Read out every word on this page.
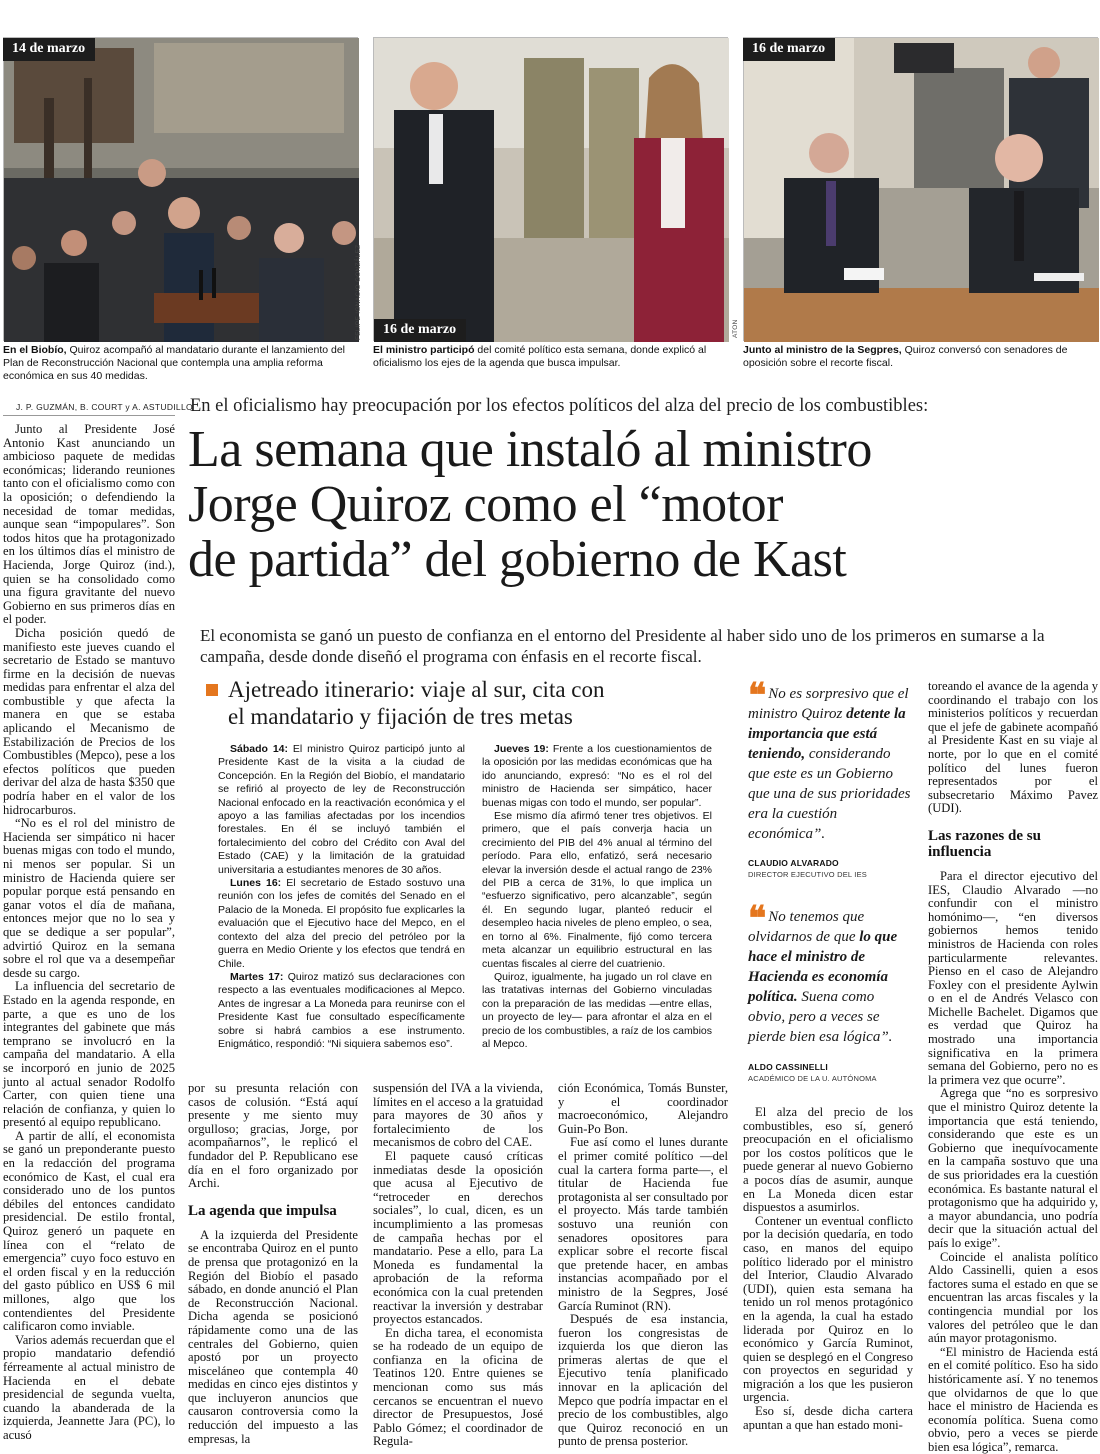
14 de marzo
FELIPE IGNACIO GONZÁLEZ	16 de marzo	ATON
16 de marzo
En el Biobío, Quiroz acompañó al mandatario durante el lanzamiento del Plan de Reconstrucción Nacional que contempla una amplia reforma económica en sus 40 medidas.
El ministro participó del comité político esta semana, donde explicó al oficialismo los ejes de la agenda que busca impulsar.
Junto al ministro de la Segpres, Quiroz conversó con senadores de oposición sobre el recorte fiscal.
J. P. GUZMÁN, B. COURT y A. ASTUDILLO
En el oficialismo hay preocupación por los efectos políticos del alza del precio de los combustibles:
La semana que instaló al ministro
Jorge Quiroz como el “motor
de partida” del gobierno de Kast
El economista se ganó un puesto de confianza en el entorno del Presidente al haber sido uno de los primeros en sumarse a la campaña, desde donde diseñó el programa con énfasis en el recorte fiscal.

Junto al Presidente José Antonio Kast anunciando un ambicioso paquete de medidas económicas; liderando reuniones tanto con el oficialismo como con la oposición; o defendiendo la necesidad de tomar medidas, aunque sean “impopulares”. Son todos hitos que ha protagonizado en los últimos días el ministro de Hacienda, Jorge Quiroz (ind.), quien se ha consolidado como una figura gravitante del nuevo Gobierno en sus primeros días en el poder.

Dicha posición quedó de manifiesto este jueves cuando el secretario de Estado se mantuvo firme en la decisión de nuevas medidas para enfrentar el alza del combustible y que afecta la manera en que se estaba aplicando el Mecanismo de Estabilización de Precios de los Combustibles (Mepco), pese a los efectos políticos que pueden derivar del alza de hasta $350 que podría haber en el valor de los hidrocarburos.

“No es el rol del ministro de Hacienda ser simpático ni hacer buenas migas con todo el mundo, ni menos ser popular. Si un ministro de Hacienda quiere ser popular porque está pensando en ganar votos el día de mañana, entonces mejor que no lo sea y que se dedique a ser popular”, advirtió Quiroz en la semana sobre el rol que va a desempeñar desde su cargo.

La influencia del secretario de Estado en la agenda responde, en parte, a que es uno de los integrantes del gabinete que más temprano se involucró en la campaña del mandatario. A ella se incorporó en junio de 2025 junto al actual senador Rodolfo Carter, con quien tiene una relación de confianza, y quien lo presentó al equipo republicano.

A partir de allí, el economista se ganó un preponderante puesto en la redacción del programa económico de Kast, el cual era considerado uno de los puntos débiles del entonces candidato presidencial. De estilo frontal, Quiroz generó un paquete en línea con el “relato de emergencia” cuyo foco estuvo en el orden fiscal y en la reducción del gasto público en US$ 6 mil millones, algo que los contendientes del Presidente calificaron como inviable.

Varios además recuerdan que el propio mandatario defendió férreamente al actual ministro de Hacienda en el debate presidencial de segunda vuelta, cuando la abanderada de la izquierda, Jeannette Jara (PC), lo acusó

Ajetreado itinerario: viaje al sur, cita con
el mandatario y fijación de tres metas

Sábado 14: El ministro Quiroz participó junto al Presidente Kast de la visita a la ciudad de Concepción. En la Región del Biobío, el mandatario se refirió al proyecto de ley de Reconstrucción Nacional enfocado en la reactivación económica y el apoyo a las familias afectadas por los incendios forestales. En él se incluyó también el fortalecimiento del cobro del Crédito con Aval del Estado (CAE) y la limitación de la gratuidad universitaria a estudiantes menores de 30 años.

Lunes 16: El secretario de Estado sostuvo una reunión con los jefes de comités del Senado en el Palacio de la Moneda. El propósito fue explicarles la evaluación que el Ejecutivo hace del Mepco, en el contexto del alza del precio del petróleo por la guerra en Medio Oriente y los efectos que tendrá en Chile.

Martes 17: Quiroz matizó sus declaraciones con respecto a las eventuales modificaciones al Mepco. Antes de ingresar a La Moneda para reunirse con el Presidente Kast fue consultado específicamente sobre si habrá cambios a ese instrumento. Enigmático, respondió: “Ni siquiera sabemos eso”.

Jueves 19: Frente a los cuestionamientos de la oposición por las medidas económicas que ha ido anunciando, expresó: “No es el rol del ministro de Hacienda ser simpático, hacer buenas migas con todo el mundo, ser popular”.

Ese mismo día afirmó tener tres objetivos. El primero, que el país converja hacia un crecimiento del PIB del 4% anual al término del período. Para ello, enfatizó, será necesario elevar la inversión desde el actual rango de 23% del PIB a cerca de 31%, lo que implica un “esfuerzo significativo, pero alcanzable”, según él. En segundo lugar, planteó reducir el desempleo hacia niveles de pleno empleo, o sea, en torno al 6%. Finalmente, fijó como tercera meta alcanzar un equilibrio estructural en las cuentas fiscales al cierre del cuatrienio.

Quiroz, igualmente, ha jugado un rol clave en las tratativas internas del Gobierno vinculadas con la preparación de las medidas —entre ellas, un proyecto de ley— para afrontar el alza en el precio de los combustibles, a raíz de los cambios al Mepco.

❝ No es sorpresivo que el ministro Quiroz detente la importancia que está teniendo, considerando que este es un Gobierno que una de sus prioridades era la cuestión económica”.
CLAUDIO ALVARADO
DIRECTOR EJECUTIVO DEL IES
❝ No tenemos que olvidarnos de que lo que hace el ministro de Hacienda es economía política. Suena como obvio, pero a veces se pierde bien esa lógica”.
ALDO CASSINELLI
ACADÉMICO DE LA U. AUTÓNOMA

por su presunta relación con casos de colusión. “Está aquí presente y me siento muy orgulloso; gracias, Jorge, por acompañarnos”, le replicó el fundador del P. Republicano ese día en el foro organizado por Archi.

La agenda que impulsa

A la izquierda del Presidente se encontraba Quiroz en el punto de prensa que protagonizó en la Región del Biobío el pasado sábado, en donde anunció el Plan de Reconstrucción Nacional. Dicha agenda se posicionó rápidamente como una de las centrales del Gobierno, quien apostó por un proyecto misceláneo que contempla 40 medidas en cinco ejes distintos y que incluyeron anuncios que causaron controversia como la reducción del impuesto a las empresas, la

suspensión del IVA a la vivienda, límites en el acceso a la gratuidad para mayores de 30 años y fortalecimiento de los mecanismos de cobro del CAE.

El paquete causó críticas inmediatas desde la oposición que acusa al Ejecutivo de “retroceder en derechos sociales”, lo cual, dicen, es un incumplimiento a las promesas de campaña hechas por el mandatario. Pese a ello, para La Moneda es fundamental la aprobación de la reforma económica con la cual pretenden reactivar la inversión y destrabar proyectos estancados.

En dicha tarea, el economista se ha rodeado de un equipo de confianza en la oficina de Teatinos 120. Entre quienes se mencionan como sus más cercanos se encuentran el nuevo director de Presupuestos, José Pablo Gómez; el coordinador de Regula-

ción Económica, Tomás Bunster, y el coordinador macroeconómico, Alejandro Guin-Po Bon.

Fue así como el lunes durante el primer comité político —del cual la cartera forma parte—, el titular de Hacienda fue protagonista al ser consultado por el proyecto. Más tarde también sostuvo una reunión con senadores opositores para explicar sobre el recorte fiscal que pretende hacer, en ambas instancias acompañado por el ministro de la Segpres, José García Ruminot (RN).

Después de esa instancia, fueron los congresistas de izquierda los que dieron las primeras alertas de que el Ejecutivo tenía planificado innovar en la aplicación del Mepco que podría impactar en el precio de los combustibles, algo que Quiroz reconoció en un punto de prensa posterior.

El alza del precio de los combustibles, eso sí, generó preocupación en el oficialismo por los costos políticos que le puede generar al nuevo Gobierno a pocos días de asumir, aunque en La Moneda dicen estar dispuestos a asumirlos.

Contener un eventual conflicto por la decisión quedaría, en todo caso, en manos del equipo político liderado por el ministro del Interior, Claudio Alvarado (UDI), quien esta semana ha tenido un rol menos protagónico en la agenda, la cual ha estado liderada por Quiroz en lo económico y García Ruminot, quien se desplegó en el Congreso con proyectos en seguridad y migración a los que les pusieron urgencia.

Eso sí, desde dicha cartera apuntan a que han estado moni-

toreando el avance de la agenda y coordinando el trabajo con los ministerios políticos y recuerdan que el jefe de gabinete acompañó al Presidente Kast en su viaje al norte, por lo que en el comité político del lunes fueron representados por el subsecretario Máximo Pavez (UDI).

Las razones de su influencia

Para el director ejecutivo del IES, Claudio Alvarado —no confundir con el ministro homónimo—, “en diversos gobiernos hemos tenido ministros de Hacienda con roles particularmente relevantes. Pienso en el caso de Alejandro Foxley con el presidente Aylwin o en el de Andrés Velasco con Michelle Bachelet. Digamos que es verdad que Quiroz ha mostrado una importancia significativa en la primera semana del Gobierno, pero no es la primera vez que ocurre”.

Agrega que “no es sorpresivo que el ministro Quiroz detente la importancia que está teniendo, considerando que este es un Gobierno que inequívocamente en la campaña sostuvo que una de sus prioridades era la cuestión económica. Es bastante natural el protagonismo que ha adquirido y, a mayor abundancia, uno podría decir que la situación actual del país lo exige”.

Coincide el analista político Aldo Cassinelli, quien a esos factores suma el estado en que se encuentran las arcas fiscales y la contingencia mundial por los valores del petróleo que le dan aún mayor protagonismo.

“El ministro de Hacienda está en el comité político. Eso ha sido históricamente así. Y no tenemos que olvidarnos de que lo que hace el ministro de Hacienda es economía política. Suena como obvio, pero a veces se pierde bien esa lógica”, remarca.
